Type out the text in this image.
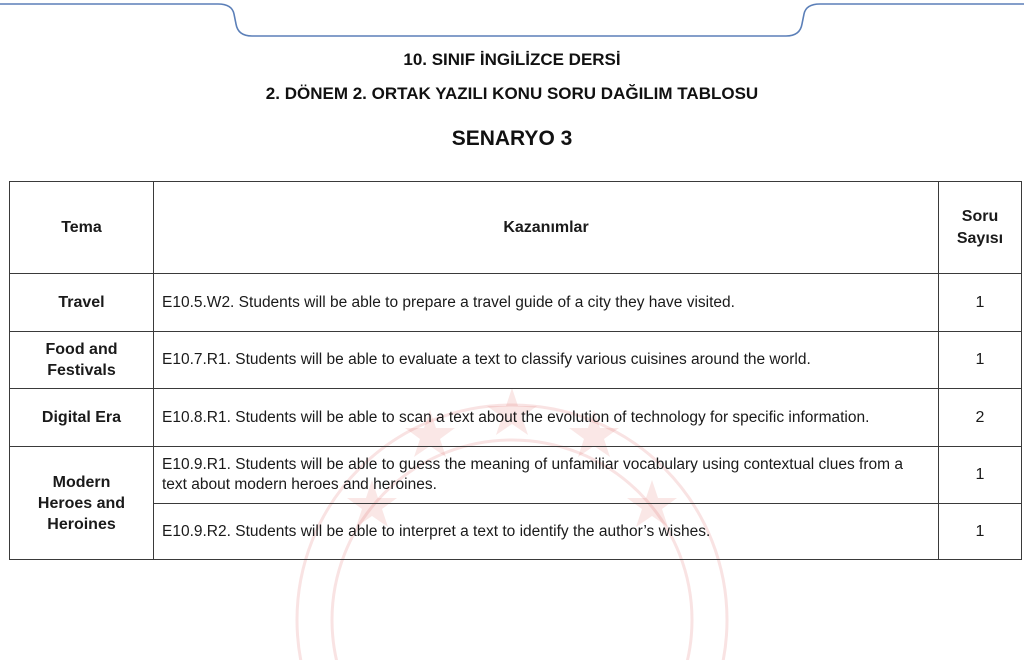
10. SINIF İNGİLİZCE DERSİ
2. DÖNEM 2. ORTAK YAZILI KONU SORU DAĞILIM TABLOSU
SENARYO 3
Tema	Kazanımlar	Soru
Sayısı
Travel	E10.5.W2. Students will be able to prepare a travel guide of a city they have visited.	1
Food and Festivals	E10.7.R1. Students will be able to evaluate a text to classify various cuisines around the world.	1
Digital Era	E10.8.R1. Students will be able to scan a text about the evolution of technology for specific information.	2
Modern Heroes and Heroines	E10.9.R1. Students will be able to guess the meaning of unfamiliar vocabulary using contextual clues from a text about modern heroes and heroines.	1
	E10.9.R2. Students will be able to interpret a text to identify the author’s wishes.	1
